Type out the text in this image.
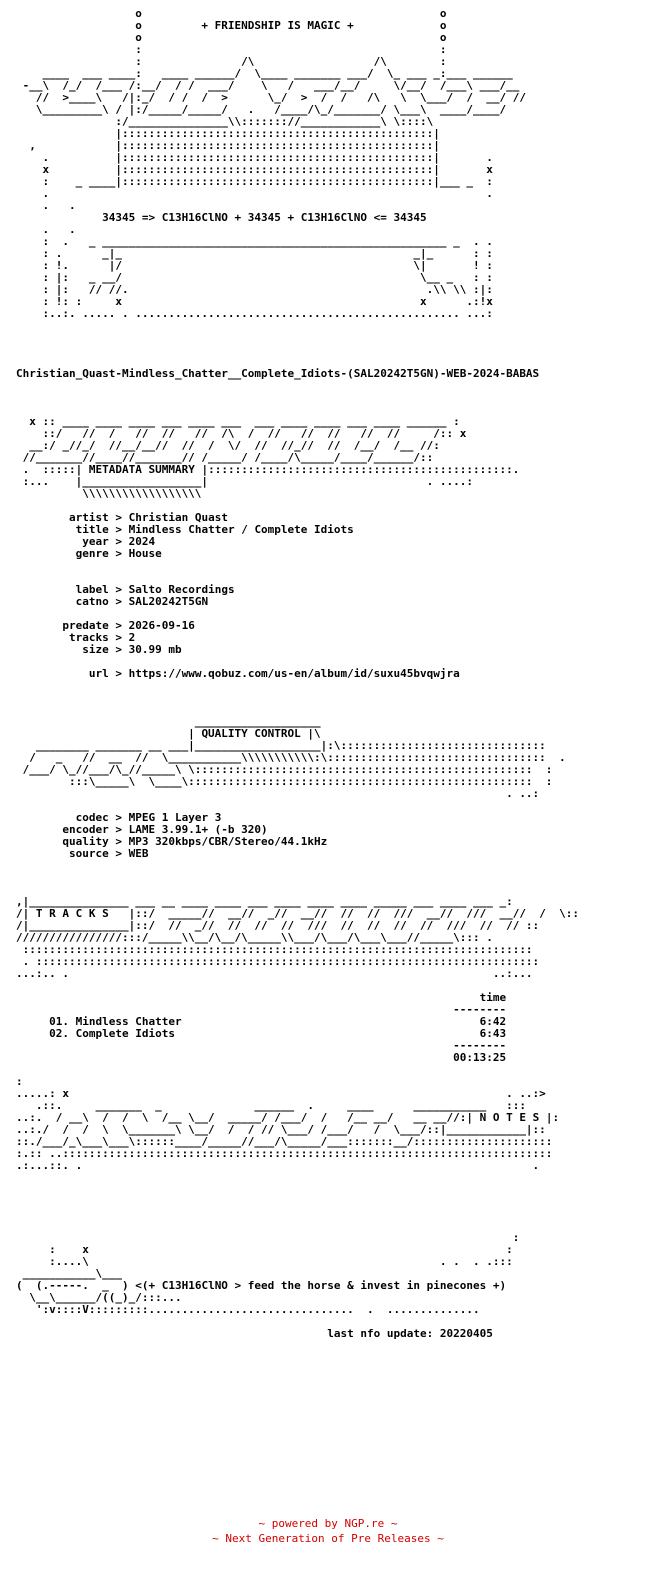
o                                             o
o         + FRIENDSHIP IS MAGIC +             o
o                                             o
:                                             :
:               /\                  /\        :
____  ___ ____:   ____ ______/  \____ _______ ___/  \_ ___ _:___ ______
-__\  /_/  /___ /:__/  / /  ___/    \   /   ___/__/     \/__/  /___\ ___/__
//  >____\   /|:_/  / /  /  >      \_/  >  /  /   /\   \  \___/  /  __/ //
\_________\ / |:/_____/_____/   .   /____/\_/_______/ \___\  ____/____/
:/_______________\\::::::://____________\ \::::\
|:::::::::::::::::::::::::::::::::::::::::::::::|
,            |:::::::::::::::::::::::::::::::::::::::::::::::|
.          |:::::::::::::::::::::::::::::::::::::::::::::::|       .
x          |:::::::::::::::::::::::::::::::::::::::::::::::|       x
:    _ ____|:::::::::::::::::::::::::::::::::::::::::::::::|___ _  :
.                                                                  .
.   .
34345 => C13H16ClNO + 34345 + C13H16ClNO <= 34345
.   .
:  .   _ ____________________________________________________ _  . .
: .      _|_                                            _|_      : :
: !.      |/                                            \|       ! :
: |:   _ __/                                             \__ _   : :
: |:   // //.                                             .\\ \\ :|:
: !: :     x                                             x      .:!x
:..:. ..... . ................................................. ...:

Christian_Quast-Mindless_Chatter__Complete_Idiots-(SAL20242T5GN)-WEB-2024-BABAS

x :: ____ ____ ____ ___ ____ ___  ___ ____ ____ ___ ____ ______ :
::/   //  /   //  //   //  /\  /  //   //  //   //  //     /:: x
__:/ _//_/  //__/__//  //  /  \/  //  //_//  //  /__/  /__ //:
//_______//____//_______// /_____/ /____/\_____/____/______/::
.  :::::| METADATA SUMMARY |::::::::::::::::::::::::::::::::::::::::::::::.
:...    |__________________|                                 . ....:
\\\\\\\\\\\\\\\\\\

artist > Christian Quast
title > Mindless Chatter / Complete Idiots
year > 2024
genre > House

label > Salto Recordings
catno > SAL20242T5GN

predate > 2026-09-16
tracks > 2
size > 30.99 mb

url > https://www.qobuz.com/us-en/album/id/suxu45bvqwjra

___________________
| QUALITY CONTROL |\
________ _______ __ ___|___________________|:\:::::::::::::::::::::::::::::::
/   _   //  __  //  \___________\\\\\\\\\\\:\:::::::::::::::::::::::::::::::::  .
/___/ \_//___/\_//_____\ \:::::::::::::::::::::::::::::::::::::::::::::::::::  :
:::\_____\  \____\::::::::::::::::::::::::::::::::::::::::::::::::::::  :
. ..:

codec > MPEG 1 Layer 3
encoder > LAME 3.99.1+ (-b 320)
quality > MP3 320kbps/CBR/Stereo/44.1kHz
source > WEB

,|_______________ ___ __ ____ ____ ___ ____ ____ ____ _____ ___ ____ ___ _:
/| T R A C K S   |::/  _____//  __//  _//  __//  //  //  ///  __//  ///  __//  /  \::
/|_______________|::/  //  _//  //  //  //  ///  //  //  //  //  ///  //  // ::
////////////////:::/_____\\__/\__/\_____\\___/\___/\___\___//_____\::: .
:::::::::::::::::::::::::::::::::::::::::::::::::::::::::::::::::::::::::::::
. ::::::::::::::::::::::::::::::::::::::::::::::::::::::::::::::::::::::::::::
...:.. .                                                                ..:...

time
--------
01. Mindless Chatter	6:42
02. Complete Idiots	6:43
--------
00:13:25

:
.....: x                                                                  . ..:>
.::.     _______  _              ______  .     ____      ___________   :::
..:.  / __\  /  /  \  /__ \__/  _____/ /___/  /   /__ __/   __ __//:| N O T E S |:
..:./  /  /  \  \_______\ \__/  /  / // \___/ /___/   /  \___/::|____________|::
::./___/_\___\___\::::::____/_____//___/\_____/___:::::::__/:::::::::::::::::::::
:.:: ..::::::::::::::::::::::::::::::::::::::::::::::::::::::::::::::::::::::::::
.:...::. .                                                                    .

:
:    x                                                               :
:....\                                                     . .  . .:::
___________\___
(  (.-----.  _  ) <(+ C13H16ClNO > feed the horse & invest in pinecones +)
\__\______/((_)_/:::...
':v::::V:::::::::...............................  .  ..............

last nfo update: 20220405
~ powered by NGP.re ~
~ Next Generation of Pre Releases ~
